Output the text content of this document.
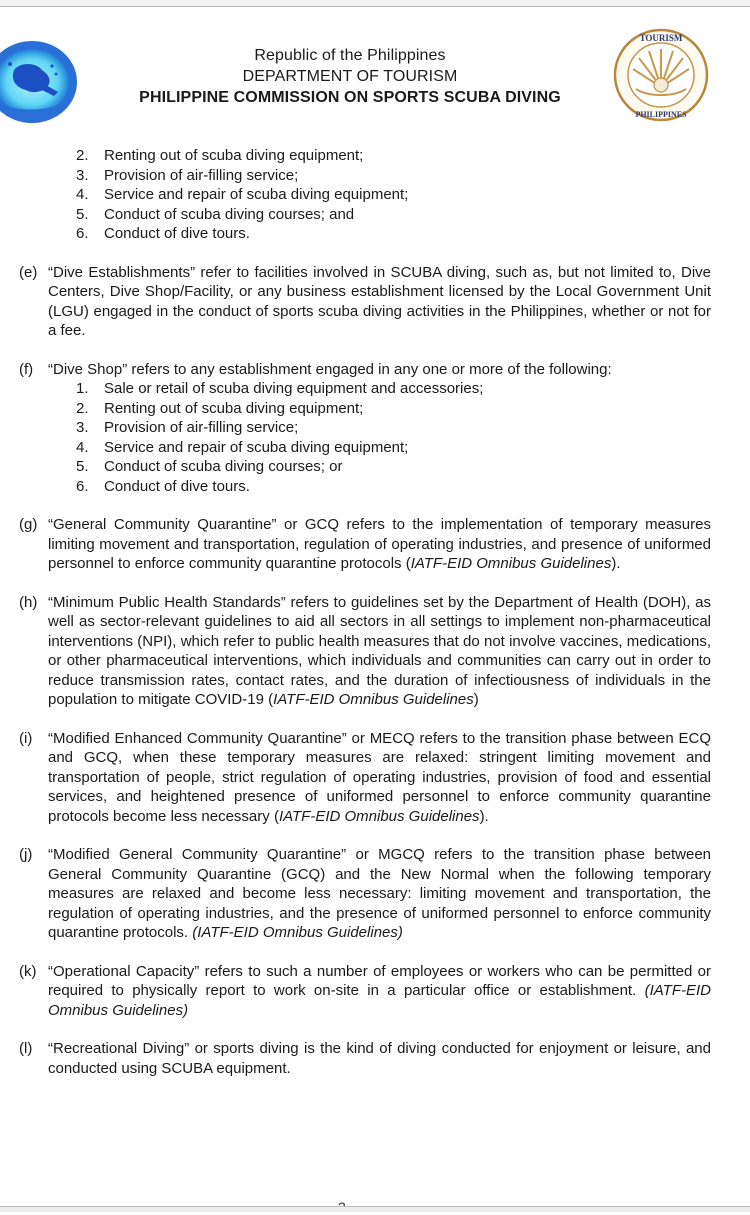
TOURISM
PHILIPPINES
Republic of the Philippines
DEPARTMENT OF TOURISM
PHILIPPINE COMMISSION ON SPORTS SCUBA DIVING
2. Renting out of scuba diving equipment;
3. Provision of air-filling service;
4. Service and repair of scuba diving equipment;
5. Conduct of scuba diving courses; and
6. Conduct of dive tours.
(e) “Dive Establishments” refer to facilities involved in SCUBA diving, such as, but not limited to, Dive Centers, Dive Shop/Facility, or any business establishment licensed by the Local Government Unit (LGU) engaged in the conduct of sports scuba diving activities in the Philippines, whether or not for a fee.
(f) “Dive Shop” refers to any establishment engaged in any one or more of the following:
1. Sale or retail of scuba diving equipment and accessories;
2. Renting out of scuba diving equipment;
3. Provision of air-filling service;
4. Service and repair of scuba diving equipment;
5. Conduct of scuba diving courses; or
6. Conduct of dive tours.
(g) “General Community Quarantine” or GCQ refers to the implementation of temporary measures limiting movement and transportation, regulation of operating industries, and presence of uniformed personnel to enforce community quarantine protocols (IATF-EID Omnibus Guidelines).
(h) “Minimum Public Health Standards” refers to guidelines set by the Department of Health (DOH), as well as sector-relevant guidelines to aid all sectors in all settings to implement non-pharmaceutical interventions (NPI), which refer to public health measures that do not involve vaccines, medications, or other pharmaceutical interventions, which individuals and communities can carry out in order to reduce transmission rates, contact rates, and the duration of infectiousness of individuals in the population to mitigate COVID-19 (IATF-EID Omnibus Guidelines)
(i) “Modified Enhanced Community Quarantine” or MECQ refers to the transition phase between ECQ and GCQ, when these temporary measures are relaxed: stringent limiting movement and transportation of people, strict regulation of operating industries, provision of food and essential services, and heightened presence of uniformed personnel to enforce community quarantine protocols become less necessary (IATF-EID Omnibus Guidelines).
(j) “Modified General Community Quarantine” or MGCQ refers to the transition phase between General Community Quarantine (GCQ) and the New Normal when the following temporary measures are relaxed and become less necessary: limiting movement and transportation, the regulation of operating industries, and the presence of uniformed personnel to enforce community quarantine protocols. (IATF-EID Omnibus Guidelines)
(k) “Operational Capacity” refers to such a number of employees or workers who can be permitted or required to physically report to work on-site in a particular office or establishment. (IATF-EID Omnibus Guidelines)
(l) “Recreational Diving” or sports diving is the kind of diving conducted for enjoyment or leisure, and conducted using SCUBA equipment.
